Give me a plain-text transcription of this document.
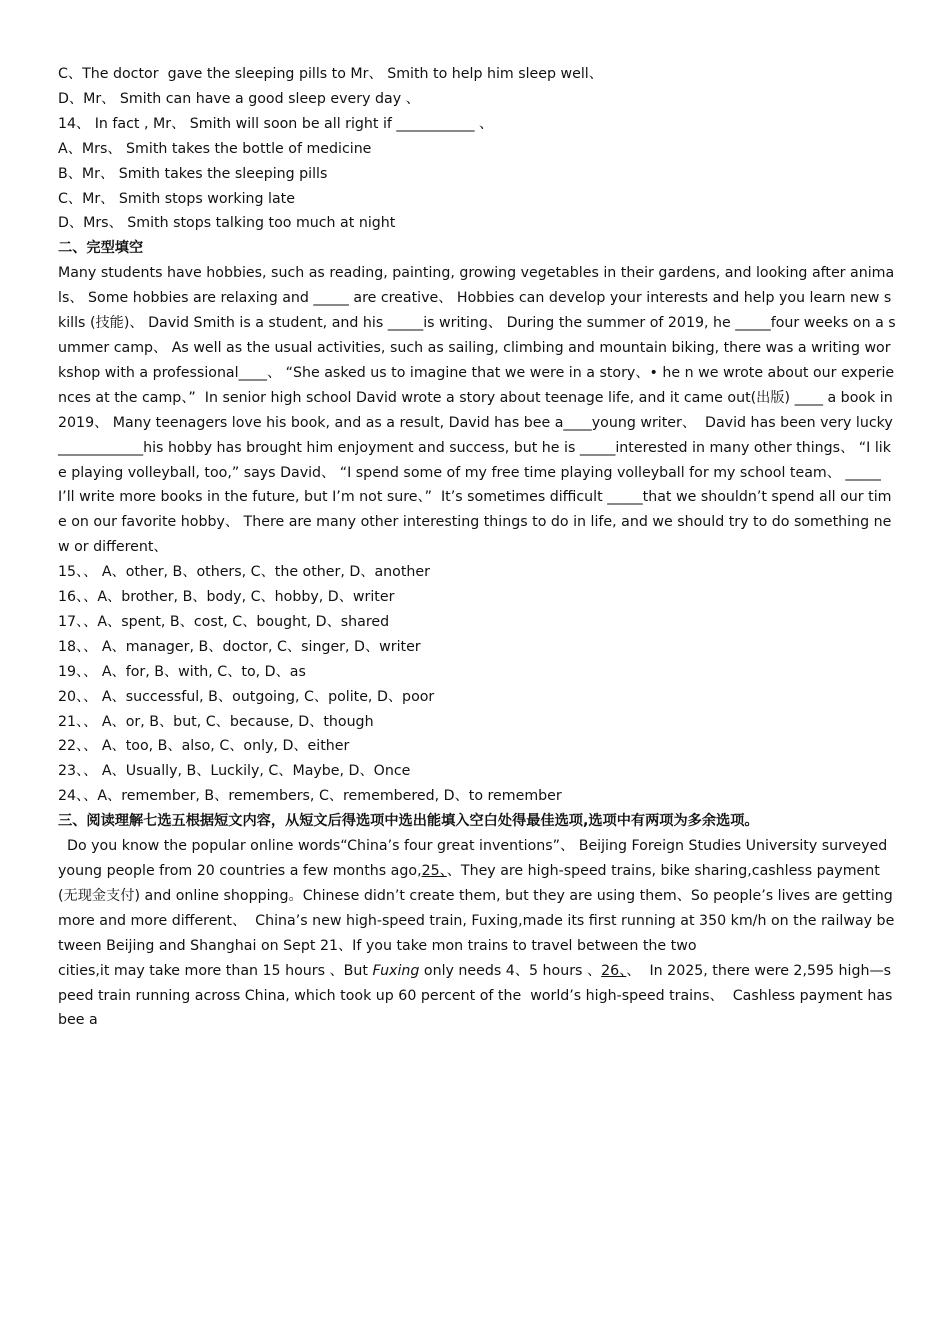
C、The doctor  gave the sleeping pills to Mr、 Smith to help him sleep well、

D、Mr、 Smith can have a good sleep every day 、

14、 In fact , Mr、 Smith will soon be all right if ___________ 、

A、Mrs、 Smith takes the bottle of medicine

B、Mr、 Smith takes the sleeping pills

C、Mr、 Smith stops working late

D、Mrs、 Smith stops talking too much at night

二、完型填空

Many students have hobbies, such as reading, painting, growing vegetables in their gardens, and looking after animals、 Some hobbies are relaxing and _____ are creative、 Hobbies can develop your interests and help you learn new skills (技能)、 David Smith is a student, and his _____is writing、 During the summer of 2019, he _____four weeks on a summer camp、 As well as the usual activities, such as sailing, climbing and mountain biking, there was a writing workshop with a professional____、 “She asked us to imagine that we were in a story、• he n we wrote about our experiences at the camp、”  In senior high school David wrote a story about teenage life, and it came out(出版) ____ a book in 2019、 Many teenagers love his book, and as a result, David has bee a____young writer、  David has been very lucky____________his hobby has brought him enjoyment and success, but he is _____interested in many other things、 “I like playing volleyball, too,” says David、 “I spend some of my free time playing volleyball for my school team、 _____ I’ll write more books in the future, but I’m not sure、”  It’s sometimes difficult _____that we shouldn’t spend all our time on our favorite hobby、 There are many other interesting things to do in life, and we should try to do something new or different、

15、、 A、other, B、others, C、the other, D、another

16、、A、brother, B、body, C、hobby, D、writer

17、、A、spent, B、cost, C、bought, D、shared

18、、 A、manager, B、doctor, C、singer, D、writer

19、、 A、for, B、with, C、to, D、as

20、、 A、successful, B、outgoing, C、polite, D、poor

21、、 A、or, B、but, C、because, D、though

22、、 A、too, B、also, C、only, D、either

23、、 A、Usually, B、Luckily, C、Maybe, D、Once

24、、A、remember, B、remembers, C、remembered, D、to remember

三、阅读理解七选五根据短文内容，从短文后得选项中选出能填入空白处得最佳选项,选项中有两项为多余选项。

Do you know the popular online words“China’s four great inventions”、 Beijing Foreign Studies University surveyed young people from 20 countries a few months ago,25、、They are high-speed trains, bike sharing,cashless payment(无现金支付) and online shopping。Chinese didn’t create them, but they are using them、So people’s lives are getting more and more different、  China’s new high-speed train, Fuxing,made its first running at 350 km/h on the railway between Beijing and Shanghai on Sept 21、If you take mon trains to travel between the two

cities,it may take more than 15 hours 、But Fuxing only needs 4、5 hours 、26、、  In 2025, there were 2,595 high—speed train running across China, which took up 60 percent of the  world’s high-speed trains、  Cashless payment has bee a
